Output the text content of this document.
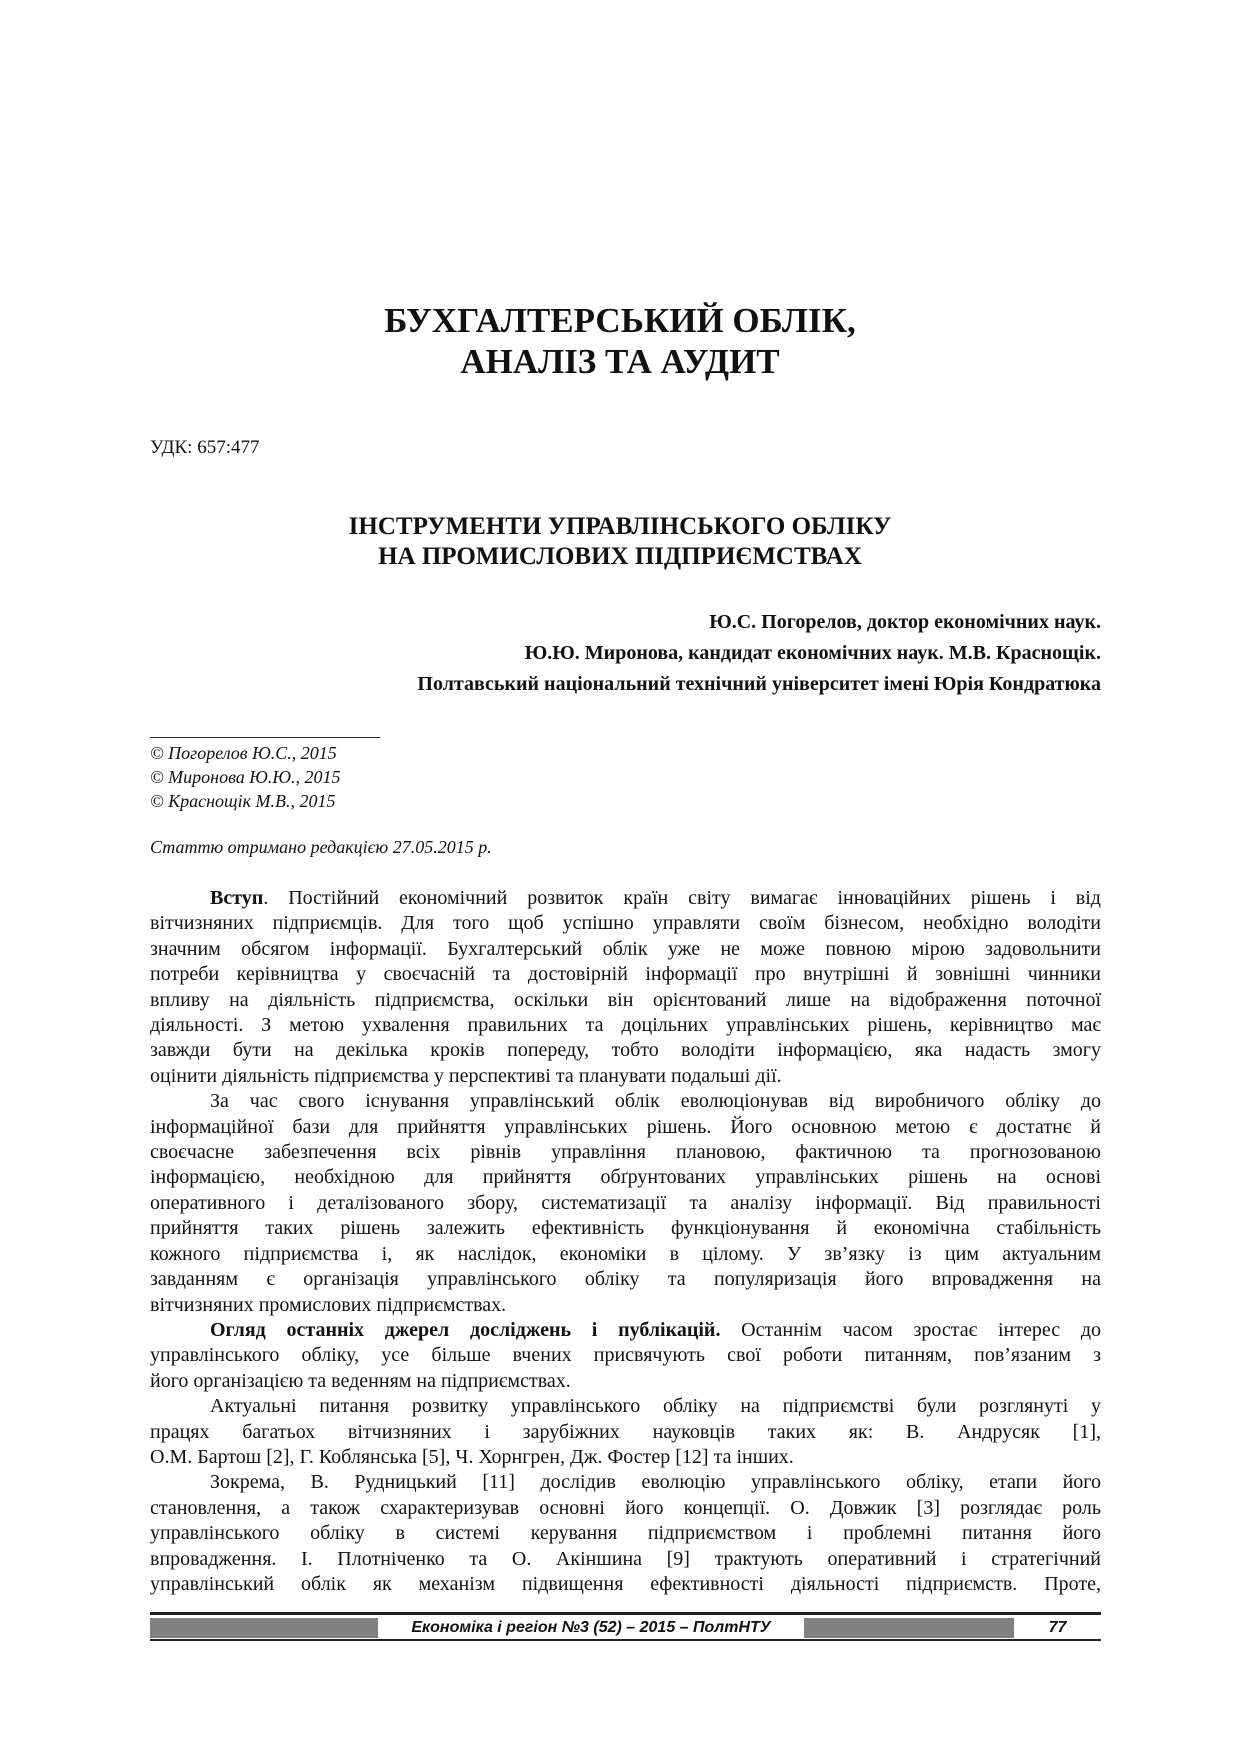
БУХГАЛТЕРСЬКИЙ ОБЛІК,
АНАЛІЗ ТА АУДИТ
УДК: 657:477
ІНСТРУМЕНТИ УПРАВЛІНСЬКОГО ОБЛІКУ
НА ПРОМИСЛОВИХ ПІДПРИЄМСТВАХ
Ю.С. Погорелов, доктор економічних наук.
Ю.Ю. Миронова, кандидат економічних наук. М.В. Краснощік.
Полтавський національний технічний університет імені Юрія Кондратюка
© Погорелов Ю.С., 2015
© Миронова Ю.Ю., 2015
© Краснощік М.В., 2015
Статтю отримано редакцією 27.05.2015 р.
Вступ. Постійний економічний розвиток країн світу вимагає інноваційних рішень і від
вітчизняних підприємців. Для того щоб успішно управляти своїм бізнесом, необхідно володіти
значним обсягом інформації. Бухгалтерський облік уже не може повною мірою задовольнити
потреби керівництва у своєчасній та достовірній інформації про внутрішні й зовнішні чинники
впливу на діяльність підприємства, оскільки він орієнтований лише на відображення поточної
діяльності. З метою ухвалення правильних та доцільних управлінських рішень, керівництво має
завжди бути на декілька кроків попереду, тобто володіти інформацією, яка надасть змогу
оцінити діяльність підприємства у перспективі та планувати подальші дії.
За час свого існування управлінський облік еволюціонував від виробничого обліку до
інформаційної бази для прийняття управлінських рішень. Його основною метою є достатнє й
своєчасне забезпечення всіх рівнів управління плановою, фактичною та прогнозованою
інформацією, необхідною для прийняття обґрунтованих управлінських рішень на основі
оперативного і деталізованого збору, систематизації та аналізу інформації. Від правильності
прийняття таких рішень залежить ефективність функціонування й економічна стабільність
кожного підприємства і, як наслідок, економіки в цілому. У зв’язку із цим актуальним
завданням є організація управлінського обліку та популяризація його впровадження на
вітчизняних промислових підприємствах.
Огляд останніх джерел досліджень і публікацій. Останнім часом зростає інтерес до
управлінського обліку, усе більше вчених присвячують свої роботи питанням, пов’язаним з
його організацією та веденням на підприємствах.
Актуальні питання розвитку управлінського обліку на підприємстві були розглянуті у
працях багатьох вітчизняних і зарубіжних науковців таких як: В. Андрусяк [1],
О.М. Бартош [2], Г. Коблянська [5], Ч. Хорнгрен, Дж. Фостер [12] та інших.
Зокрема, В. Рудницький [11] дослідив еволюцію управлінського обліку, етапи його
становлення, а також схарактеризував основні його концепції. О. Довжик [3] розглядає роль
управлінського обліку в системі керування підприємством і проблемні питання його
впровадження. І. Плотніченко та О. Акіншина [9] трактують оперативний і стратегічний
управлінський облік як механізм підвищення ефективності діяльності підприємств. Проте,
Економіка і регіон №3 (52) – 2015 – ПолтНТУ	77
